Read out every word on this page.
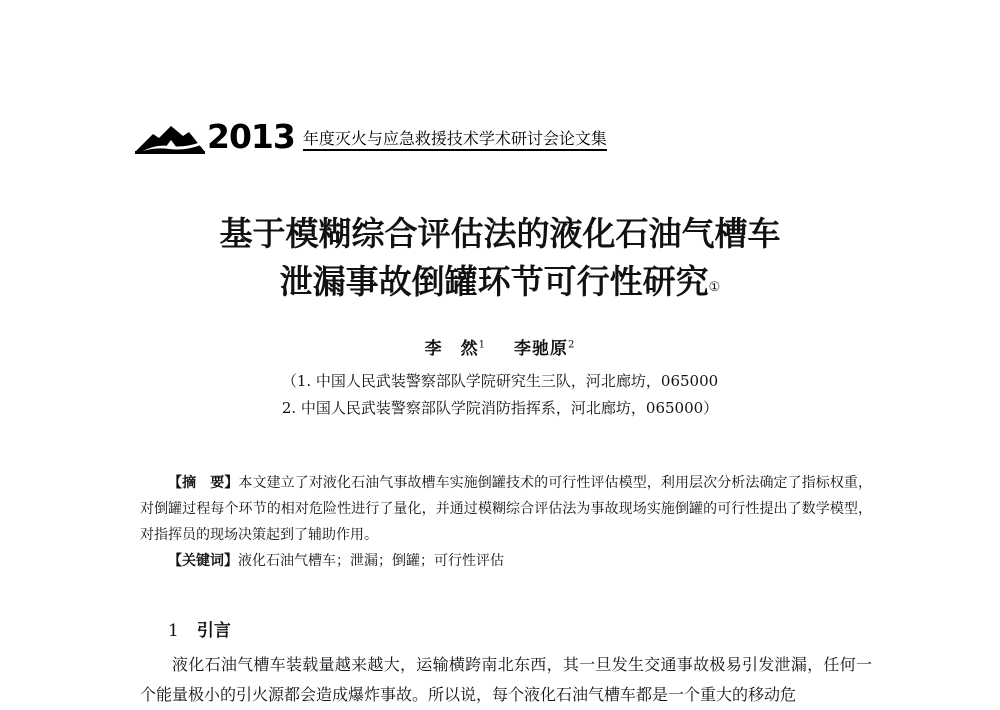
2013 年度灭火与应急救援技术学术研讨会论文集
基于模糊综合评估法的液化石油气槽车
泄漏事故倒罐环节可行性研究①
李　然$^1$ 李驰原$^2$
（1. 中国人民武装警察部队学院研究生三队，河北廊坊，065000
2. 中国人民武装警察部队学院消防指挥系，河北廊坊，065000）

【摘　要】本文建立了对液化石油气事故槽车实施倒罐技术的可行性评估模型，利用层次分析法确定了指标权重，对倒罐过程每个环节的相对危险性进行了量化，并通过模糊综合评估法为事故现场实施倒罐的可行性提出了数学模型，对指挥员的现场决策起到了辅助作用。

【关键词】液化石油气槽车；泄漏；倒罐；可行性评估

1 引言

液化石油气槽车装载量越来越大，运输横跨南北东西，其一旦发生交通事故极易引发泄漏，任何一个能量极小的引火源都会造成爆炸事故。所以说，每个液化石油气槽车都是一个重大的移动危
